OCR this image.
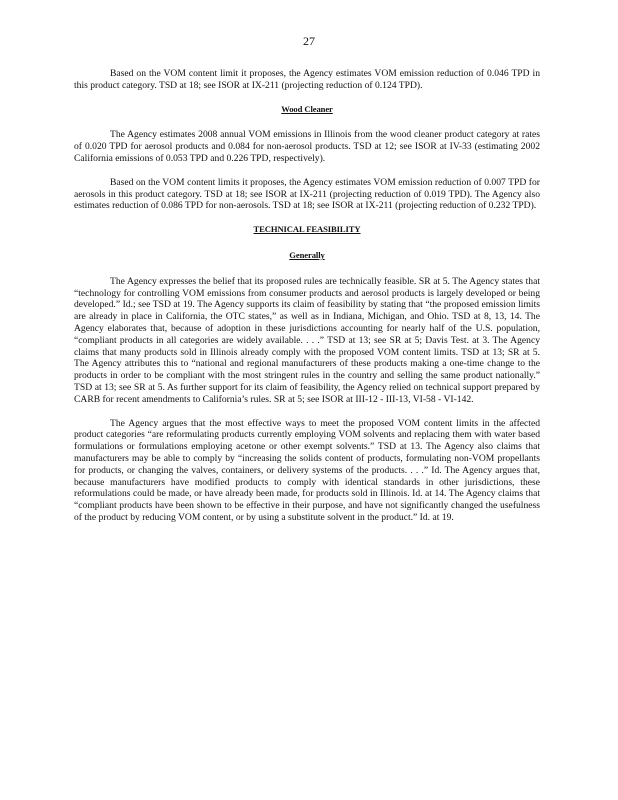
27

Based on the VOM content limit it proposes, the Agency estimates VOM emission reduction of 0.046 TPD in this product category. TSD at 18; see ISOR at IX-211 (projecting reduction of 0.124 TPD).

Wood Cleaner

The Agency estimates 2008 annual VOM emissions in Illinois from the wood cleaner product category at rates of 0.020 TPD for aerosol products and 0.084 for non-aerosol products. TSD at 12; see ISOR at IV-33 (estimating 2002 California emissions of 0.053 TPD and 0.226 TPD, respectively).

Based on the VOM content limits it proposes, the Agency estimates VOM emission reduction of 0.007 TPD for aerosols in this product category. TSD at 18; see ISOR at IX-211 (projecting reduction of 0.019 TPD). The Agency also estimates reduction of 0.086 TPD for non-aerosols. TSD at 18; see ISOR at IX-211 (projecting reduction of 0.232 TPD).

TECHNICAL FEASIBILITY
Generally

The Agency expresses the belief that its proposed rules are technically feasible. SR at 5. The Agency states that “technology for controlling VOM emissions from consumer products and aerosol products is largely developed or being developed.” Id.; see TSD at 19. The Agency supports its claim of feasibility by stating that “the proposed emission limits are already in place in California, the OTC states,” as well as in Indiana, Michigan, and Ohio. TSD at 8, 13, 14. The Agency elaborates that, because of adoption in these jurisdictions accounting for nearly half of the U.S. population, “compliant products in all categories are widely available. . . .” TSD at 13; see SR at 5; Davis Test. at 3. The Agency claims that many products sold in Illinois already comply with the proposed VOM content limits. TSD at 13; SR at 5. The Agency attributes this to “national and regional manufacturers of these products making a one-time change to the products in order to be compliant with the most stringent rules in the country and selling the same product nationally.” TSD at 13; see SR at 5. As further support for its claim of feasibility, the Agency relied on technical support prepared by CARB for recent amendments to California’s rules. SR at 5; see ISOR at III-12 - III-13, VI-58 - VI-142.

The Agency argues that the most effective ways to meet the proposed VOM content limits in the affected product categories “are reformulating products currently employing VOM solvents and replacing them with water based formulations or formulations employing acetone or other exempt solvents.” TSD at 13. The Agency also claims that manufacturers may be able to comply by “increasing the solids content of products, formulating non-VOM propellants for products, or changing the valves, containers, or delivery systems of the products. . . .” Id. The Agency argues that, because manufacturers have modified products to comply with identical standards in other jurisdictions, these reformulations could be made, or have already been made, for products sold in Illinois. Id. at 14. The Agency claims that “compliant products have been shown to be effective in their purpose, and have not significantly changed the usefulness of the product by reducing VOM content, or by using a substitute solvent in the product.” Id. at 19.
